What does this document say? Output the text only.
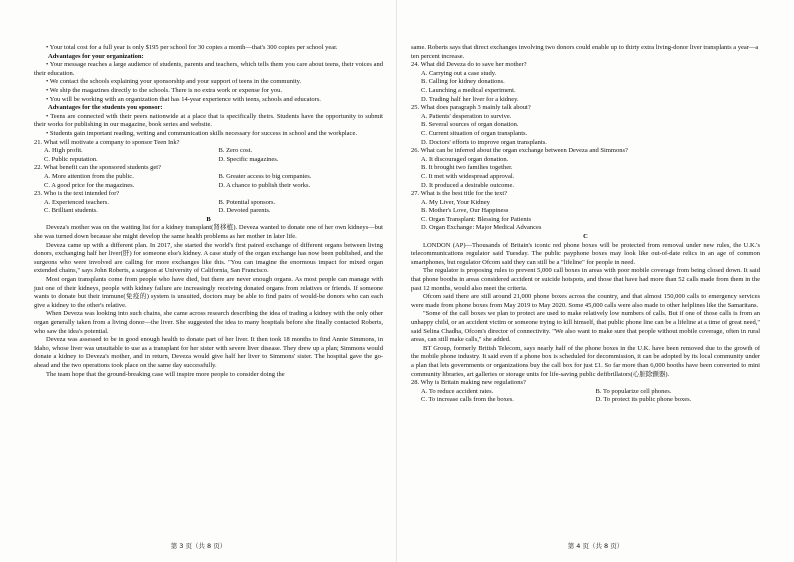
• Your total cost for a full year is only $195 per school for 30 copies a month—that's 300 copies per school year.

Advantages for your organization:

• Your message reaches a large audience of students, parents and teachers, which tells them you care about teens, their voices and their education.

• We contact the schools explaining your sponsorship and your support of teens in the community.

• We ship the magazines directly to the schools. There is no extra work or expense for you.

• You will be working with an organization that has 14-year experience with teens, schools and educators.

Advantages for the students you sponsor:

• Teens are connected with their peers nationwide at a place that is specifically theirs. Students have the opportunity to submit their works for publishing in our magazine, book series and website.

• Students gain important reading, writing and communication skills necessary for success in school and the workplace.

21. What will motivate a company to sponsor Teen Ink?

A. High profit.	B. Zero cost.
C. Public reputation.	D. Specific magazines.

22. What benefit can the sponsored students get?

A. More attention from the public.	B. Greater access to big companies.
C. A good price for the magazines.	D. A chance to publish their works.

23. Who is the text intended for?

A. Experienced teachers.	B. Potential sponsors.
C. Brilliant students.	D. Devoted parents.

B

Deveza's mother was on the waiting list for a kidney transplant(肾移植). Deveza wanted to donate one of her own kidneys—but she was turned down because she might develop the same health problems as her mother in later life.

Deveza came up with a different plan. In 2017, she started the world's first paired exchange of different organs between living donors, exchanging half her liver(肝) for someone else's kidney. A case study of the organ exchange has now been published, and the surgeons who were involved are calling for more exchanges like this. "You can imagine the enormous impact for mixed organ extended chains," says John Roberts, a surgeon at University of California, San Francisco.

Most organ transplants come from people who have died, but there are never enough organs. As most people can manage with just one of their kidneys, people with kidney failure are increasingly receiving donated organs from relatives or friends. If someone wants to donate but their immune(免疫的) system is unsuited, doctors may be able to find pairs of would-be donors who can each give a kidney to the other's relative.

When Deveza was looking into such chains, she came across research describing the idea of trading a kidney with the only other organ generally taken from a living donor—the liver. She suggested the idea to many hospitals before she finally contacted Roberts, who saw the idea's potential.

Deveza was assessed to be in good enough health to donate part of her liver. It then took 18 months to find Annie Simmons, in Idaho, whose liver was unsuitable to use as a transplant for her sister with severe liver disease. They drew up a plan; Simmons would donate a kidney to Deveza's mother, and in return, Deveza would give half her liver to Simmons' sister. The hospital gave the go-ahead and the two operations took place on the same day successfully.

The team hope that the ground-breaking case will inspire more people to consider doing the

第 3 页（共 8 页）

same. Roberts says that direct exchanges involving two donors could enable up to thirty extra living-donor liver transplants a year—a ten percent increase.

24. What did Deveza do to save her mother?

A. Carrying out a case study.
B. Calling for kidney donations.
C. Launching a medical experiment.
D. Trading half her liver for a kidney.

25. What does paragraph 3 mainly talk about?

A. Patients' desperation to survive.
B. Several sources of organ donation.
C. Current situation of organ transplants.
D. Doctors' efforts to improve organ transplants.

26. What can be inferred about the organ exchange between Deveza and Simmons?

A. It discouraged organ donation.
B. It brought two families together.
C. It met with widespread approval.
D. It produced a desirable outcome.

27. What is the best title for the text?

A. My Liver, Your Kidney
B. Mother's Love, Our Happiness
C. Organ Transplant: Blessing for Patients
D. Organ Exchange: Major Medical Advances

C

LONDON (AP)—Thousands of Britain's iconic red phone boxes will be protected from removal under new rules, the U.K.'s telecommunications regulator said Tuesday. The public payphone boxes may look like out-of-date relics in an age of common smartphones, but regulator Ofcom said they can still be a "lifeline" for people in need.

The regulator is proposing rules to prevent 5,000 call boxes in areas with poor mobile coverage from being closed down. It said that phone booths in areas considered accident or suicide hotspots, and those that have had more than 52 calls made from them in the past 12 months, would also meet the criteria.

Ofcom said there are still around 21,000 phone boxes across the country, and that almost 150,000 calls to emergency services were made from phone boxes from May 2019 to May 2020. Some 45,000 calls were also made to other helplines like the Samaritans.

"Some of the call boxes we plan to protect are used to make relatively low numbers of calls. But if one of those calls is from an unhappy child, or an accident victim or someone trying to kill himself, that public phone line can be a lifeline at a time of great need," said Selina Chadha, Ofcom's director of connectivity. "We also want to make sure that people without mobile coverage, often in rural areas, can still make calls," she added.

BT Group, formerly British Telecom, says nearly half of the phone boxes in the U.K. have been removed due to the growth of the mobile phone industry. It said even if a phone box is scheduled for decommission, it can be adopted by its local community under a plan that lets governments or organizations buy the call box for just £1. So far more than 6,000 booths have been converted to mini community libraries, art galleries or storage units for life-saving public defibrillators(心脏除颤器).

28. Why is Britain making new regulations?

A. To reduce accident rates.	B. To popularize cell phones.
C. To increase calls from the boxes.	D. To protect its public phone boxes.
第 4 页（共 8 页）
